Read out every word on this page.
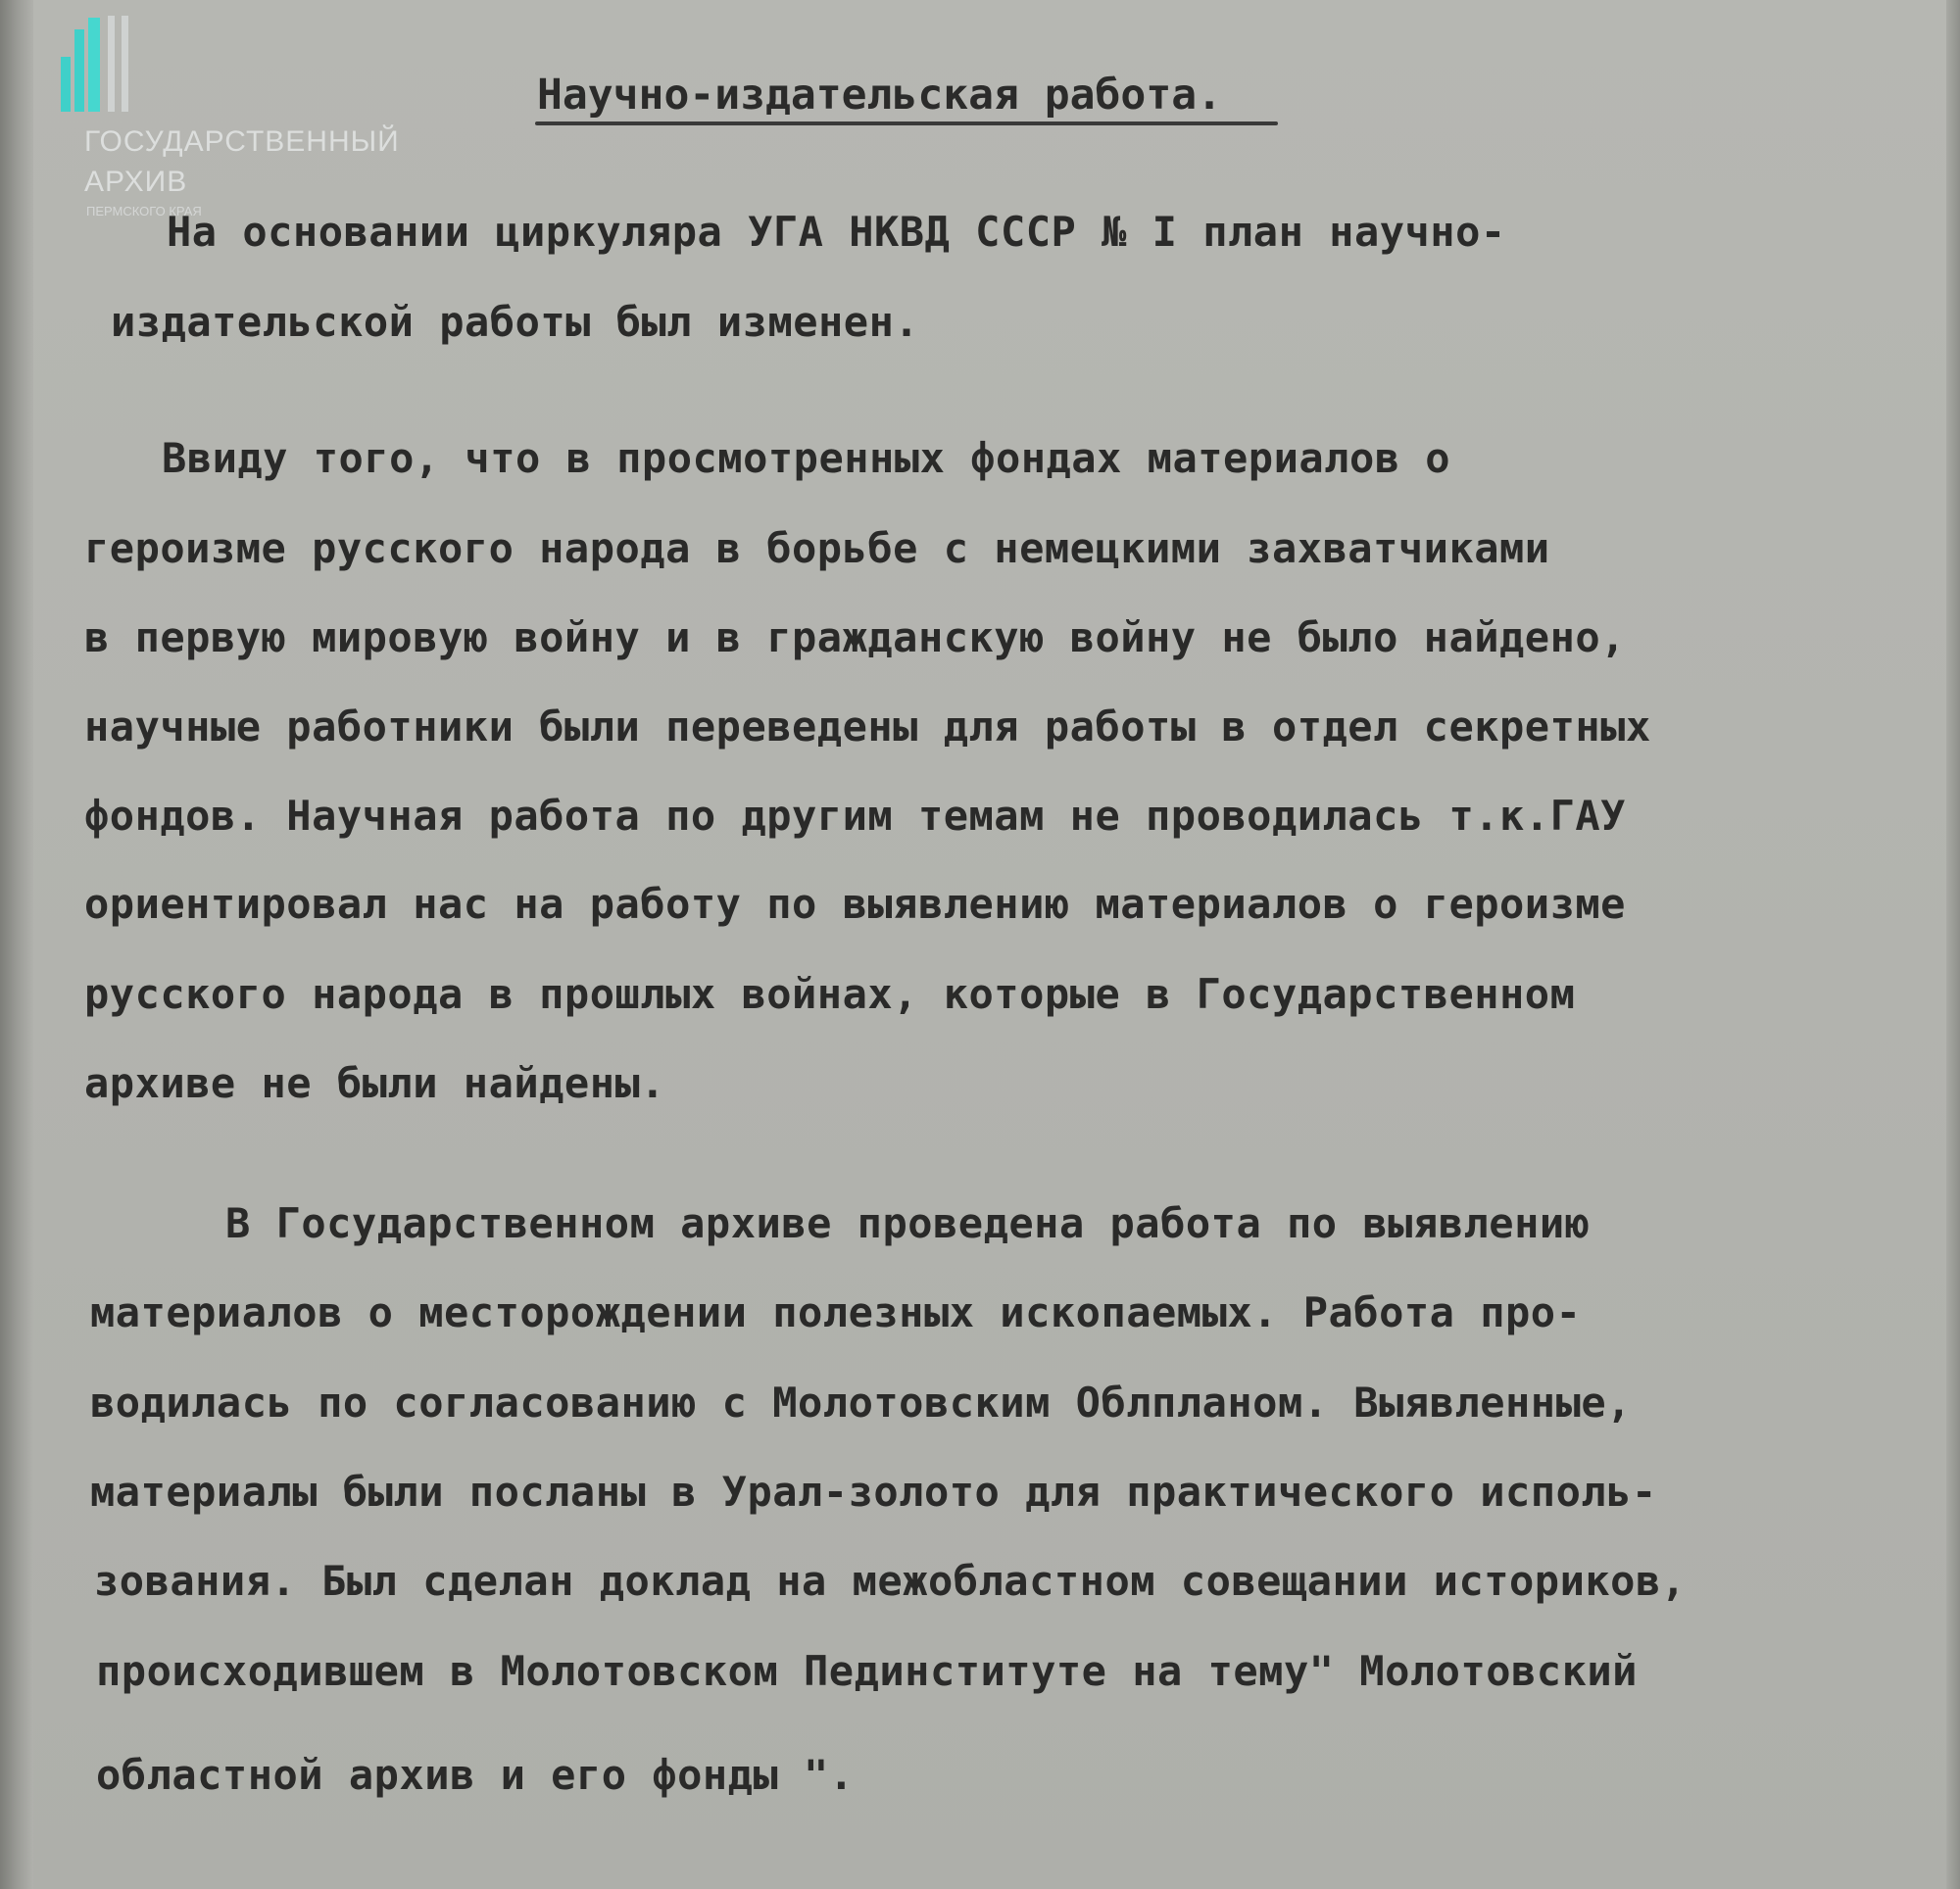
ГОСУДАРСТВЕННЫЙ
АРХИВ
ПЕРМСКОГО КРАЯ
Научно-издательская работа.
На основании циркуляра УГА НКВД СССР № I план научно-
издательской работы был изменен.
Ввиду того, что в просмотренных фондах материалов о
героизме русского народа в борьбе с немецкими захватчиками
в первую мировую войну и в гражданскую войну не было найдено,
научные работники были переведены для работы в отдел секретных
фондов. Научная работа по другим темам не проводилась т.к.ГАУ
ориентировал нас на работу по выявлению материалов о героизме
русского народа в прошлых войнах, которые в Государственном
архиве не были найдены.
В Государственном архиве проведена работа по выявлению
материалов о месторождении полезных ископаемых. Работа про-
водилась по согласованию с Молотовским Облпланом. Выявленные,
материалы были посланы в Урал-золото для практического исполь-
зования. Был сделан доклад на межобластном совещании историков,
происходившем в Молотовском Пединституте на тему" Молотовский
областной архив и его фонды ".
